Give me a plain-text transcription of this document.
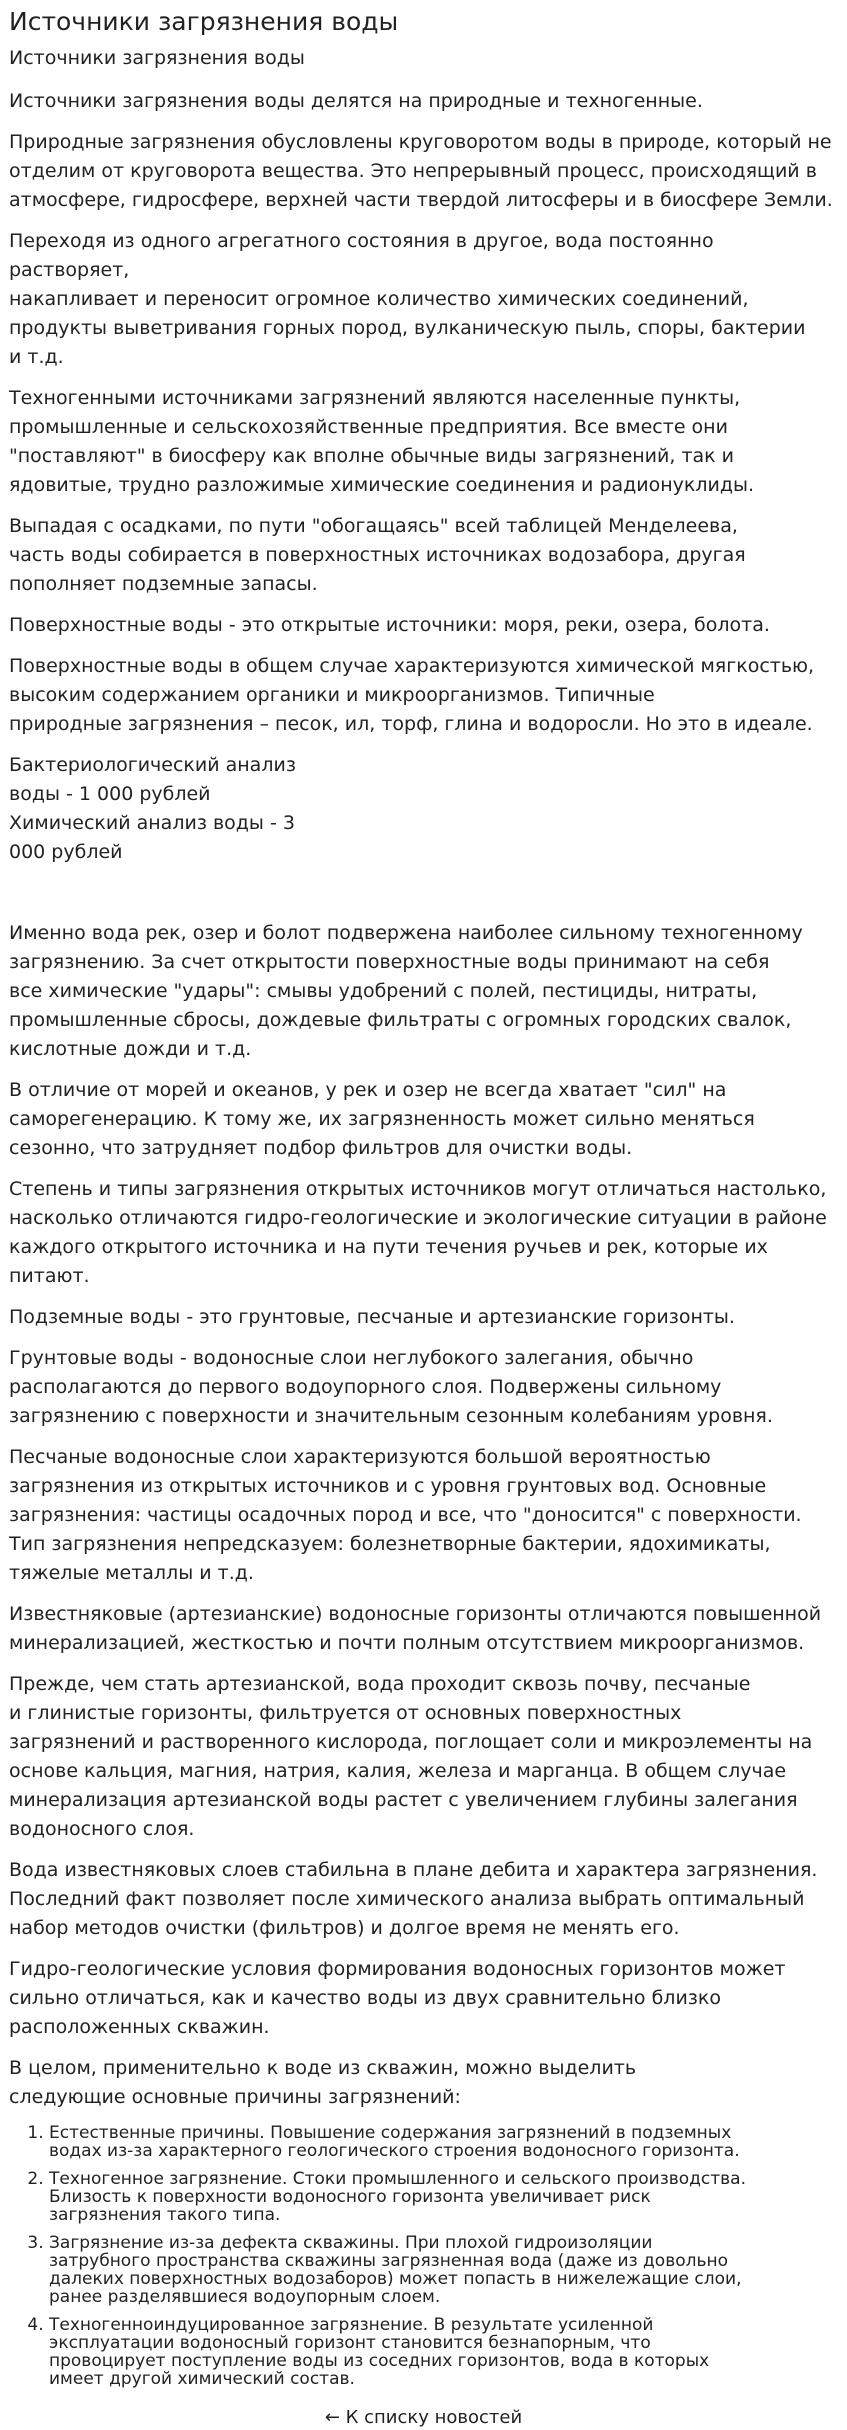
Источники загрязнения воды
Источники загрязнения воды

Источники загрязнения воды делятся на природные и техногенные.

Природные загрязнения обусловлены круговоротом воды в природе, который не
отделим от круговорота вещества. Это непрерывный процесс, происходящий в
атмосфере, гидросфере, верхней части твердой литосферы и в биосфере Земли.

Переходя из одного агрегатного состояния в другое, вода постоянно растворяет,
накапливает и переносит огромное количество химических соединений,
продукты выветривания горных пород, вулканическую пыль, споры, бактерии
и т.д.

Техногенными источниками загрязнений являются населенные пункты,
промышленные и сельскохозяйственные предприятия. Все вместе они
"поставляют" в биосферу как вполне обычные виды загрязнений, так и
ядовитые, трудно разложимые химические соединения и радионуклиды.

Выпадая с осадками, по пути "обогащаясь" всей таблицей Менделеева,
часть воды собирается в поверхностных источниках водозабора, другая
пополняет подземные запасы.

Поверхностные воды - это открытые источники: моря, реки, озера, болота.

Поверхностные воды в общем случае характеризуются химической мягкостью,
высоким содержанием органики и микроорганизмов. Типичные
природные загрязнения – песок, ил, торф, глина и водоросли. Но это в идеале.

Бактериологический анализ
воды - 1 000 рублей
Химический анализ воды - 3
000 рублей

Именно вода рек, озер и болот подвержена наиболее сильному техногенному
загрязнению. За счет открытости поверхностные воды принимают на себя
все химические "удары": смывы удобрений с полей, пестициды, нитраты,
промышленные сбросы, дождевые фильтраты с огромных городских свалок,
кислотные дожди и т.д.

В отличие от морей и океанов, у рек и озер не всегда хватает "сил" на
саморегенерацию. К тому же, их загрязненность может сильно меняться
сезонно, что затрудняет подбор фильтров для очистки воды.

Степень и типы загрязнения открытых источников могут отличаться настолько,
насколько отличаются гидро-геологические и экологические ситуации в районе
каждого открытого источника и на пути течения ручьев и рек, которые их
питают.

Подземные воды - это грунтовые, песчаные и артезианские горизонты.

Грунтовые воды - водоносные слои неглубокого залегания, обычно
располагаются до первого водоупорного слоя. Подвержены сильному
загрязнению с поверхности и значительным сезонным колебаниям уровня.

Песчаные водоносные слои характеризуются большой вероятностью
загрязнения из открытых источников и с уровня грунтовых вод. Основные
загрязнения: частицы осадочных пород и все, что "доносится" с поверхности.
Тип загрязнения непредсказуем: болезнетворные бактерии, ядохимикаты,
тяжелые металлы и т.д.

Известняковые (артезианские) водоносные горизонты отличаются повышенной
минерализацией, жесткостью и почти полным отсутствием микроорганизмов.

Прежде, чем стать артезианской, вода проходит сквозь почву, песчаные
и глинистые горизонты, фильтруется от основных поверхностных
загрязнений и растворенного кислорода, поглощает соли и микроэлементы на
основе кальция, магния, натрия, калия, железа и марганца. В общем случае
минерализация артезианской воды растет с увеличением глубины залегания
водоносного слоя.

Вода известняковых слоев стабильна в плане дебита и характера загрязнения.
Последний факт позволяет после химического анализа выбрать оптимальный
набор методов очистки (фильтров) и долгое время не менять его.

Гидро-геологические условия формирования водоносных горизонтов может
сильно отличаться, как и качество воды из двух сравнительно близко
расположенных скважин.

В целом, применительно к воде из скважин, можно выделить
следующие основные причины загрязнений:

1. Естественные причины. Повышение содержания загрязнений в подземных
водах из-за характерного геологического строения водоносного горизонта.
2. Техногенное загрязнение. Стоки промышленного и сельского производства.
Близость к поверхности водоносного горизонта увеличивает риск
загрязнения такого типа.
3. Загрязнение из-за дефекта скважины. При плохой гидроизоляции
затрубного пространства скважины загрязненная вода (даже из довольно
далеких поверхностных водозаборов) может попасть в нижележащие слои,
ранее разделявшиеся водоупорным слоем.
4. Техногенноиндуцированное загрязнение. В результате усиленной
эксплуатации водоносный горизонт становится безнапорным, что
провоцирует поступление воды из соседних горизонтов, вода в которых
имеет другой химический состав.
← К списку новостей
